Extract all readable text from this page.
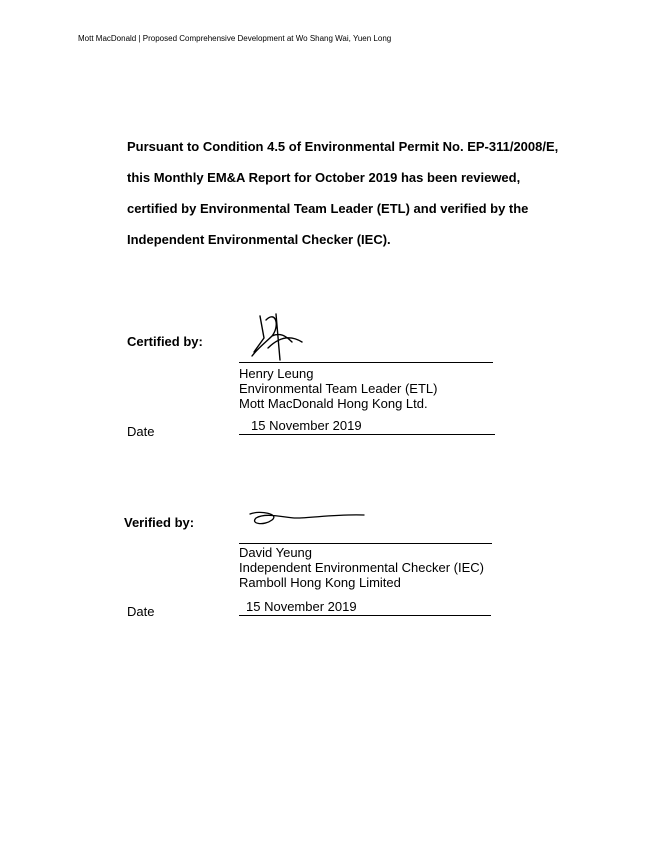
Mott MacDonald | Proposed Comprehensive Development at Wo Shang Wai, Yuen Long
Pursuant to Condition 4.5 of Environmental Permit No. EP-311/2008/E,
this Monthly EM&A Report for October 2019 has been reviewed,
certified by Environmental Team Leader (ETL) and verified by the
Independent Environmental Checker (IEC).
Certified by:
Henry Leung
Environmental Team Leader (ETL)
Mott MacDonald Hong Kong Ltd.
Date	15 November 2019
Verified by:
David Yeung
Independent Environmental Checker (IEC)
Ramboll Hong Kong Limited
Date	15 November 2019
